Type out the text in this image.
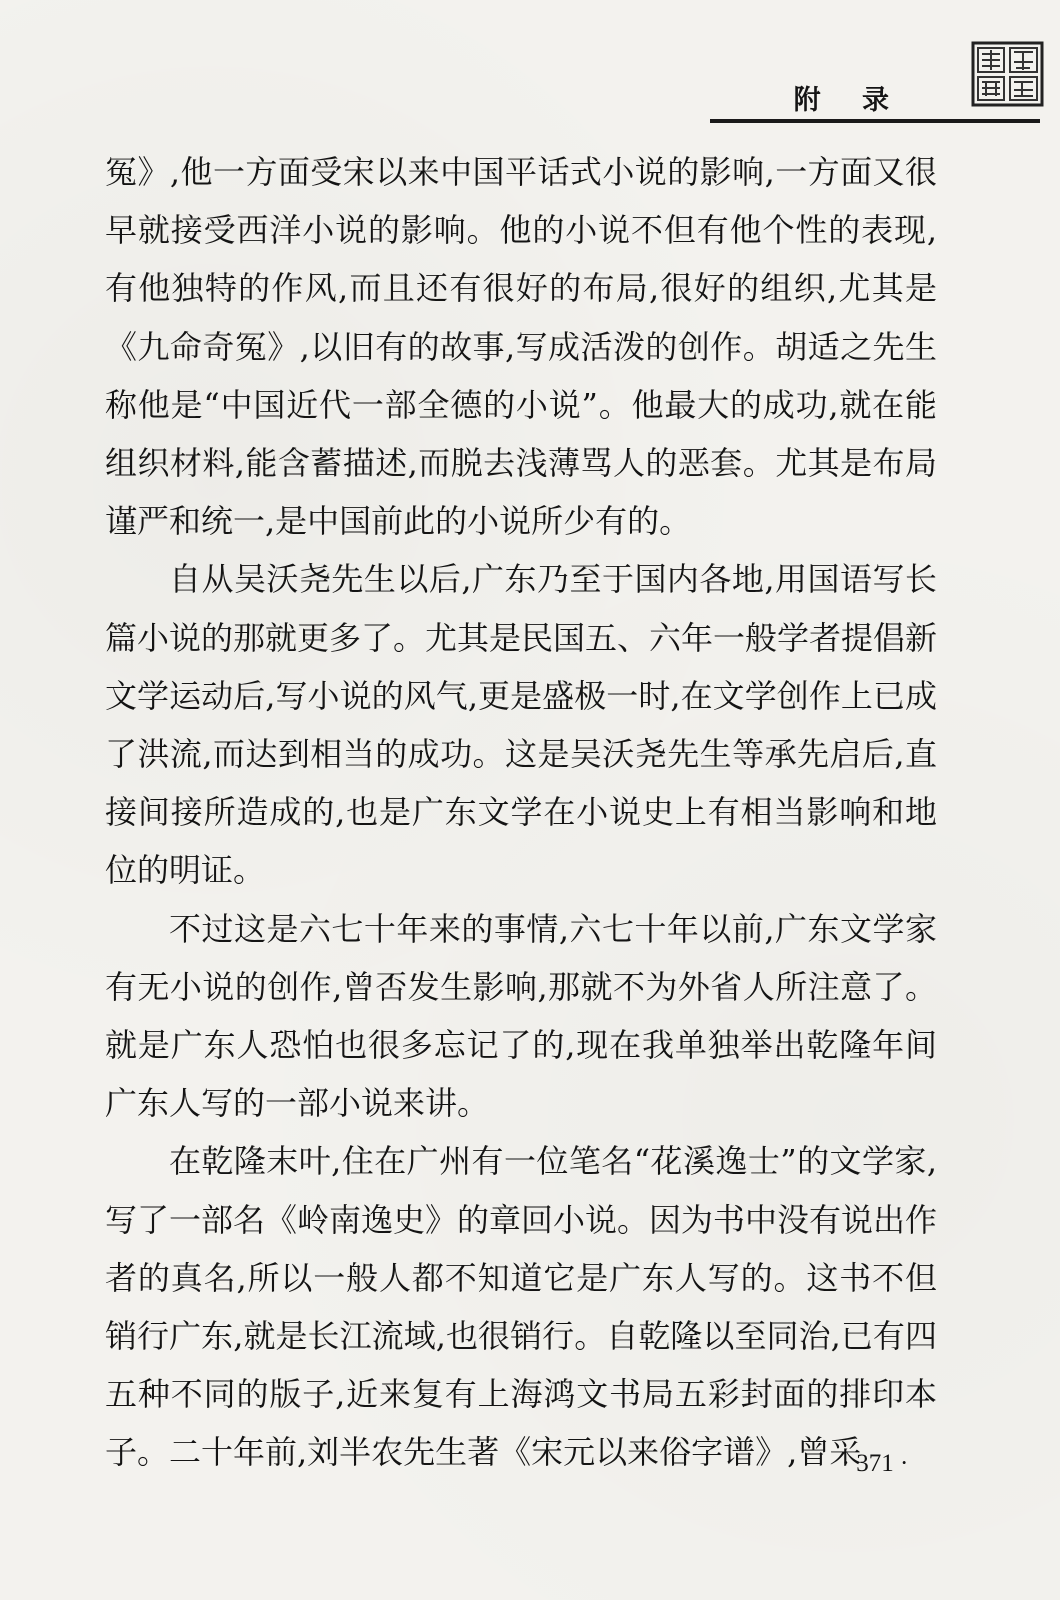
附 录

冤》,他一方面受宋以来中国平话式小说的影响,一方面又很早就接受西洋小说的影响。他的小说不但有他个性的表现,有他独特的作风,而且还有很好的布局,很好的组织,尤其是《九命奇冤》,以旧有的故事,写成活泼的创作。胡适之先生称他是“中国近代一部全德的小说”。他最大的成功,就在能组织材料,能含蓄描述,而脱去浅薄骂人的恶套。尤其是布局谨严和统一,是中国前此的小说所少有的。

自从吴沃尧先生以后,广东乃至于国内各地,用国语写长篇小说的那就更多了。尤其是民国五、六年一般学者提倡新文学运动后,写小说的风气,更是盛极一时,在文学创作上已成了洪流,而达到相当的成功。这是吴沃尧先生等承先启后,直接间接所造成的,也是广东文学在小说史上有相当影响和地位的明证。

不过这是六七十年来的事情,六七十年以前,广东文学家有无小说的创作,曾否发生影响,那就不为外省人所注意了。就是广东人恐怕也很多忘记了的,现在我单独举出乾隆年间广东人写的一部小说来讲。

在乾隆末叶,住在广州有一位笔名“花溪逸士”的文学家,写了一部名《岭南逸史》的章回小说。因为书中没有说出作者的真名,所以一般人都不知道它是广东人写的。这书不但销行广东,就是长江流域,也很销行。自乾隆以至同治,已有四五种不同的版子,近来复有上海鸿文书局五彩封面的排印本子。二十年前,刘半农先生著《宋元以来俗字谱》,曾采

· 371 ·
